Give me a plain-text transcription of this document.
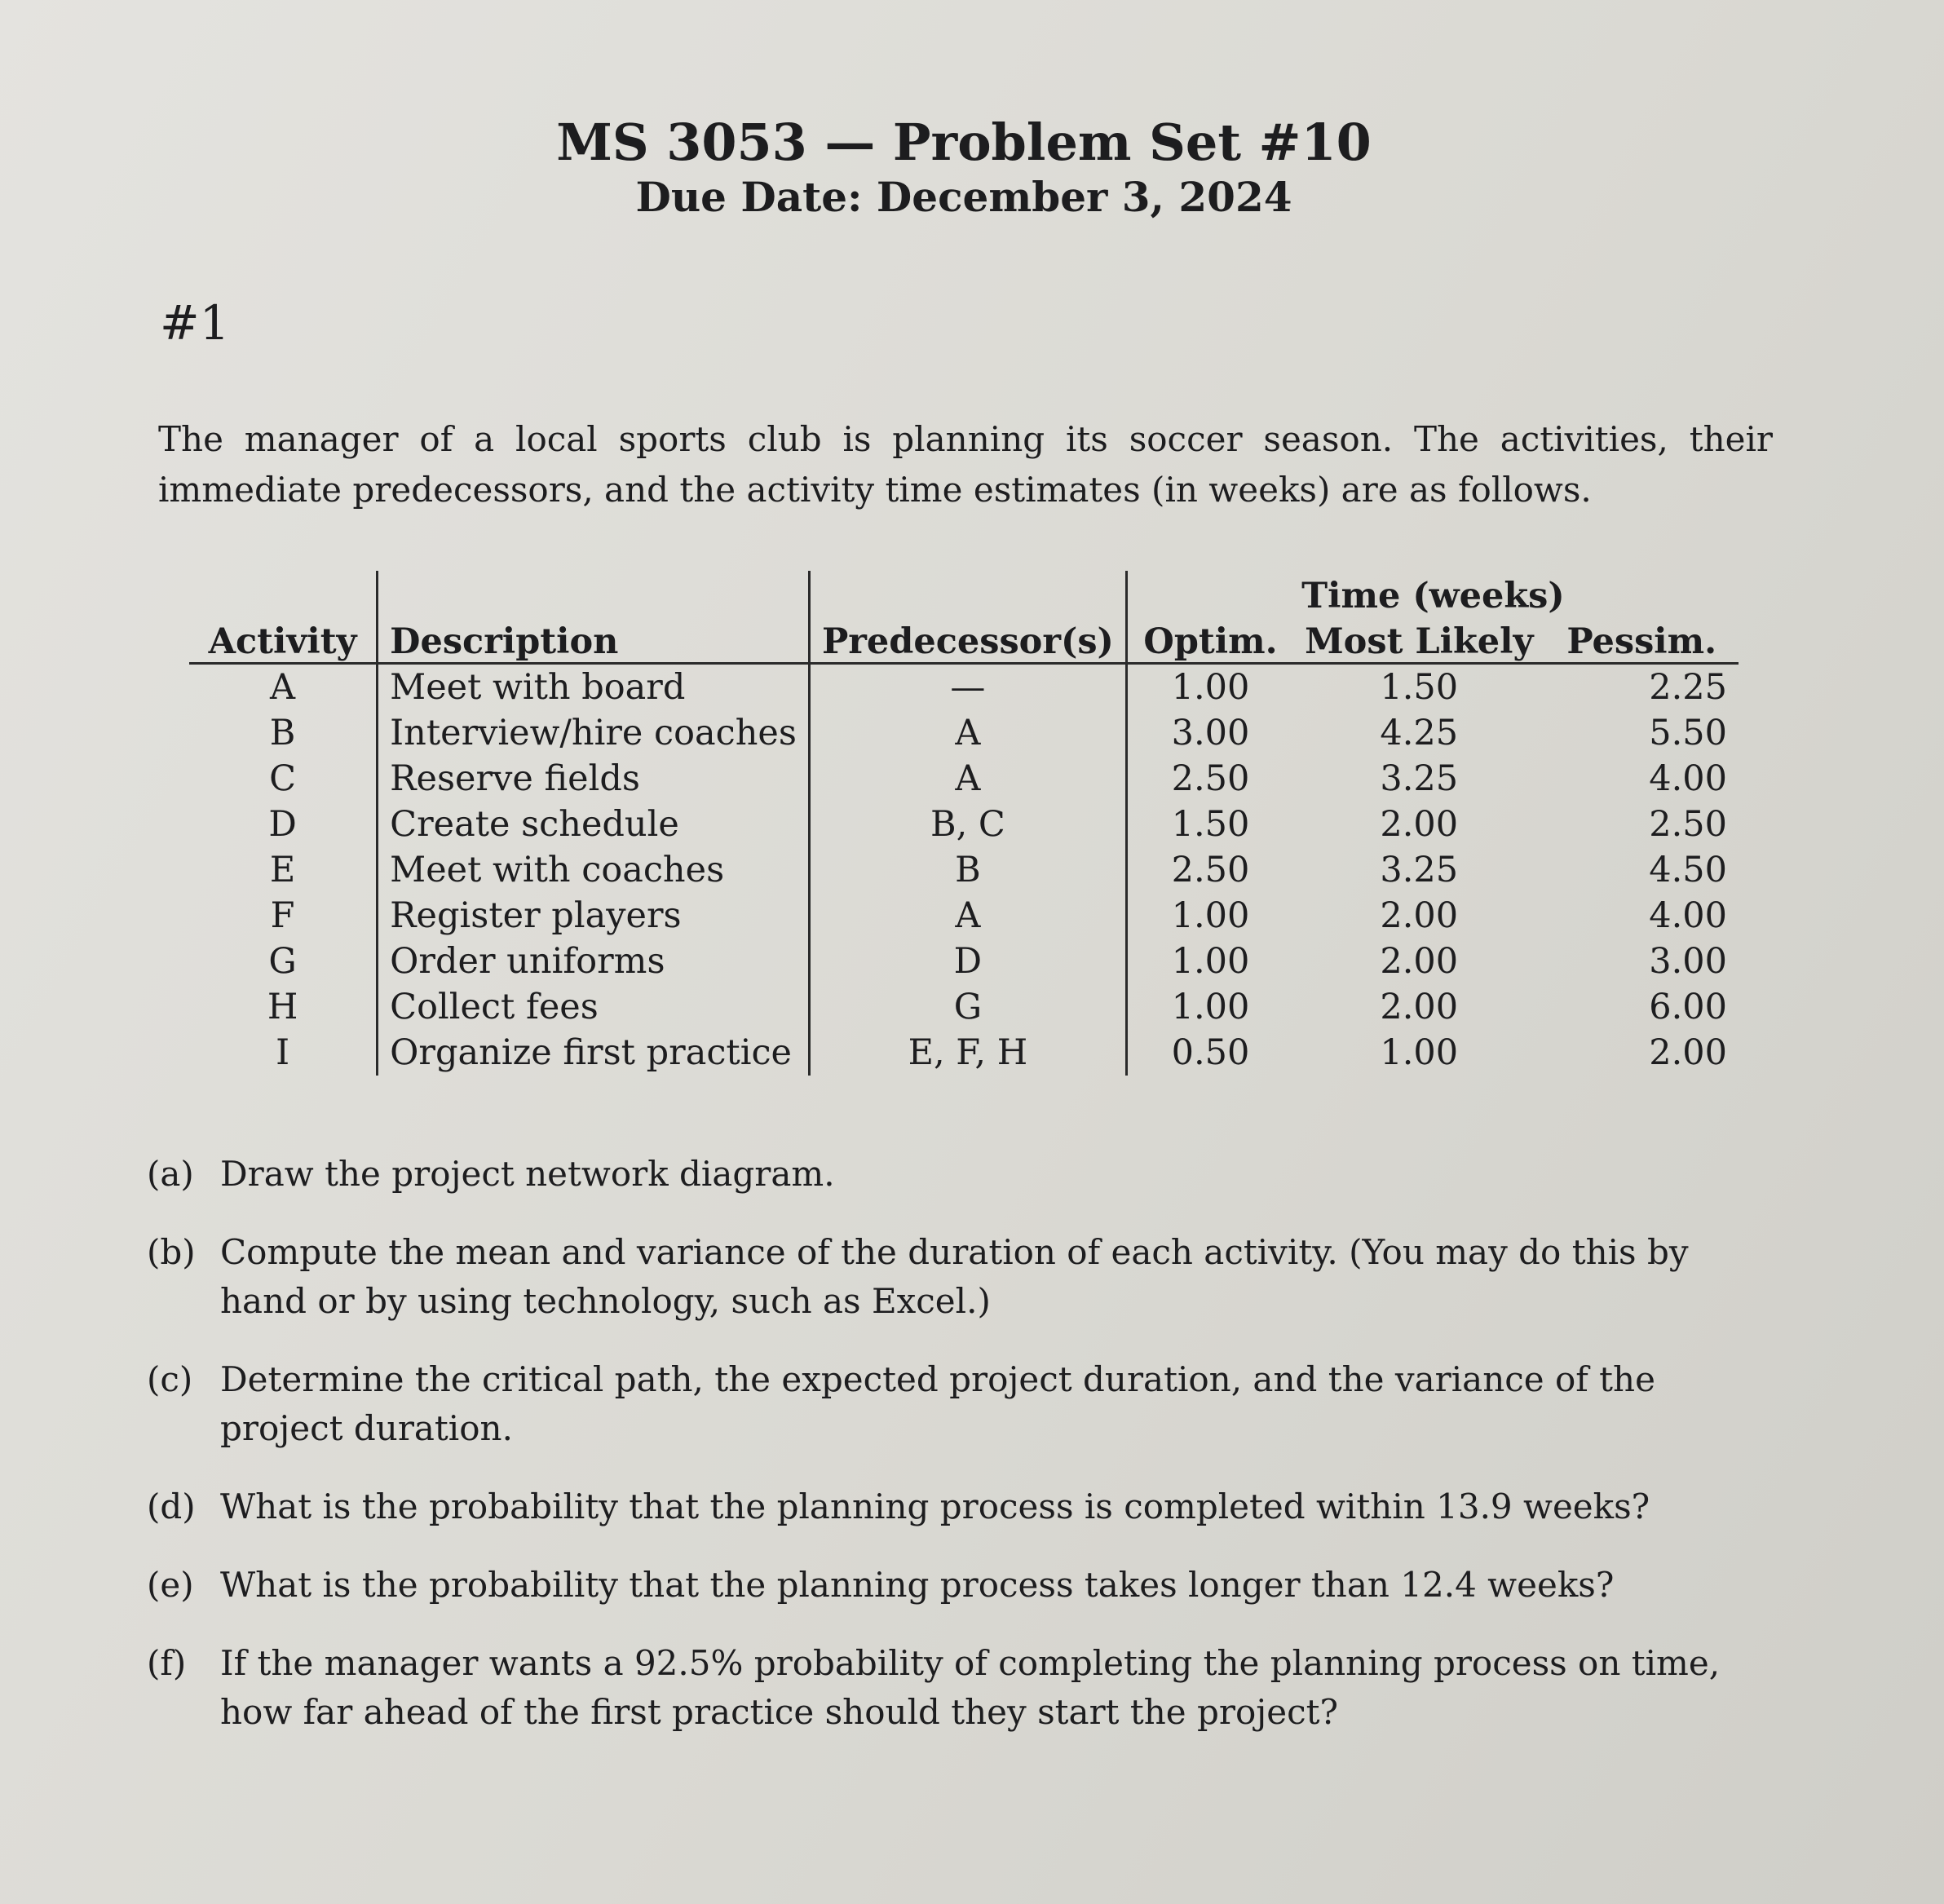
MS 3053 — Problem Set #10
Due Date: December 3, 2024
#1
The manager of a local sports club is planning its soccer season. The activities, their immediate predecessors, and the activity time estimates (in weeks) are as follows.
			Time (weeks)		
Activity	Description	Predecessor(s)	Optim.	Most Likely	Pessim.
A	Meet with board	—	1.00	1.50	2.25
B	Interview/hire coaches	A	3.00	4.25	5.50
C	Reserve fields	A	2.50	3.25	4.00
D	Create schedule	B, C	1.50	2.00	2.50
E	Meet with coaches	B	2.50	3.25	4.50
F	Register players	A	1.00	2.00	4.00
G	Order uniforms	D	1.00	2.00	3.00
H	Collect fees	G	1.00	2.00	6.00
I	Organize first practice	E, F, H	0.50	1.00	2.00
(a) Draw the project network diagram.
(b) Compute the mean and variance of the duration of each activity. (You may do this by hand or by using technology, such as Excel.)
(c) Determine the critical path, the expected project duration, and the variance of the project duration.
(d) What is the probability that the planning process is completed within 13.9 weeks?
(e) What is the probability that the planning process takes longer than 12.4 weeks?
(f) If the manager wants a 92.5% probability of completing the planning process on time, how far ahead of the first practice should they start the project?
